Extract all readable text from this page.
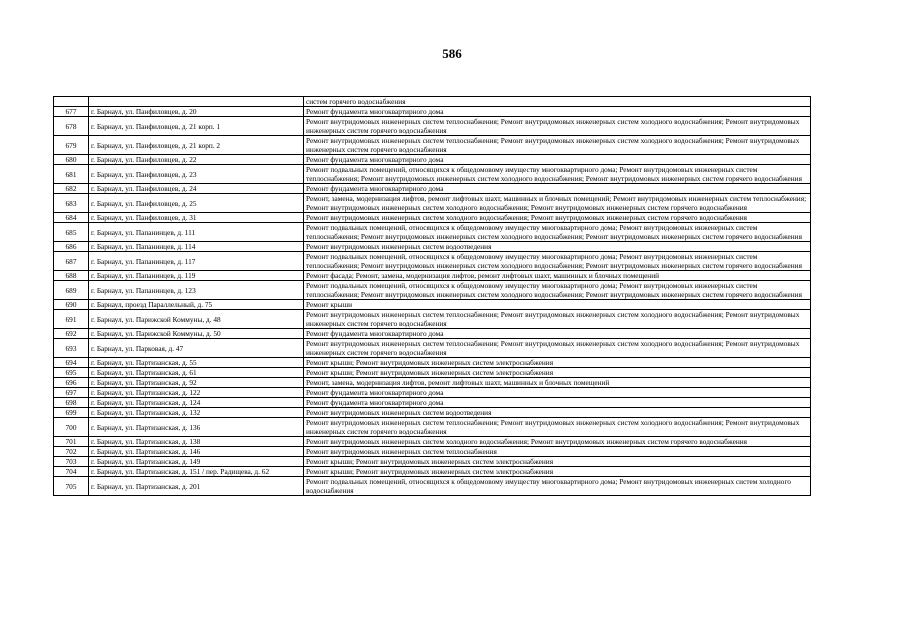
586
		систем горячего водоснабжения
677	г. Барнаул, ул. Панфиловцев, д. 20	Ремонт фундамента многоквартирного дома
678	г. Барнаул, ул. Панфиловцев, д. 21 корп. 1	Ремонт внутридомовых инженерных систем теплоснабжения; Ремонт внутридомовых инженерных систем холодного водоснабжения; Ремонт внутридомовых инженерных систем горячего водоснабжения
679	г. Барнаул, ул. Панфиловцев, д. 21 корп. 2	Ремонт внутридомовых инженерных систем теплоснабжения; Ремонт внутридомовых инженерных систем холодного водоснабжения; Ремонт внутридомовых инженерных систем горячего водоснабжения
680	г. Барнаул, ул. Панфиловцев, д. 22	Ремонт фундамента многоквартирного дома
681	г. Барнаул, ул. Панфиловцев, д. 23	Ремонт подвальных помещений, относящихся к общедомовому имуществу многоквартирного дома; Ремонт внутридомовых инженерных систем теплоснабжения; Ремонт внутридомовых инженерных систем холодного водоснабжения; Ремонт внутридомовых инженерных систем горячего водоснабжения
682	г. Барнаул, ул. Панфиловцев, д. 24	Ремонт фундамента многоквартирного дома
683	г. Барнаул, ул. Панфиловцев, д. 25	Ремонт, замена, модернизация лифтов, ремонт лифтовых шахт, машинных и блочных помещений; Ремонт внутридомовых инженерных систем теплоснабжения; Ремонт внутридомовых инженерных систем холодного водоснабжения; Ремонт внутридомовых инженерных систем горячего водоснабжения
684	г. Барнаул, ул. Панфиловцев, д. 31	Ремонт внутридомовых инженерных систем холодного водоснабжения; Ремонт внутридомовых инженерных систем горячего водоснабжения
685	г. Барнаул, ул. Папанинцев, д. 111	Ремонт подвальных помещений, относящихся к общедомовому имуществу многоквартирного дома; Ремонт внутридомовых инженерных систем теплоснабжения; Ремонт внутридомовых инженерных систем холодного водоснабжения; Ремонт внутридомовых инженерных систем горячего водоснабжения
686	г. Барнаул, ул. Папанинцев, д. 114	Ремонт внутридомовых инженерных систем водоотведения
687	г. Барнаул, ул. Папанинцев, д. 117	Ремонт подвальных помещений, относящихся к общедомовому имуществу многоквартирного дома; Ремонт внутридомовых инженерных систем теплоснабжения; Ремонт внутридомовых инженерных систем холодного водоснабжения; Ремонт внутридомовых инженерных систем горячего водоснабжения
688	г. Барнаул, ул. Папанинцев, д. 119	Ремонт фасада; Ремонт, замена, модернизация лифтов, ремонт лифтовых шахт, машинных и блочных помещений
689	г. Барнаул, ул. Папанинцев, д. 123	Ремонт подвальных помещений, относящихся к общедомовому имуществу многоквартирного дома; Ремонт внутридомовых инженерных систем теплоснабжения; Ремонт внутридомовых инженерных систем холодного водоснабжения; Ремонт внутридомовых инженерных систем горячего водоснабжения
690	г. Барнаул, проезд Параллельный, д. 75	Ремонт крыши
691	г. Барнаул, ул. Парижской Коммуны, д. 48	Ремонт внутридомовых инженерных систем теплоснабжения; Ремонт внутридомовых инженерных систем холодного водоснабжения; Ремонт внутридомовых инженерных систем горячего водоснабжения
692	г. Барнаул, ул. Парижской Коммуны, д. 50	Ремонт фундамента многоквартирного дома
693	г. Барнаул, ул. Парковая, д. 47	Ремонт внутридомовых инженерных систем теплоснабжения; Ремонт внутридомовых инженерных систем холодного водоснабжения; Ремонт внутридомовых инженерных систем горячего водоснабжения
694	г. Барнаул, ул. Партизанская, д. 55	Ремонт крыши; Ремонт внутридомовых инженерных систем электроснабжения
695	г. Барнаул, ул. Партизанская, д. 61	Ремонт крыши; Ремонт внутридомовых инженерных систем электроснабжения
696	г. Барнаул, ул. Партизанская, д. 92	Ремонт, замена, модернизация лифтов, ремонт лифтовых шахт, машинных и блочных помещений
697	г. Барнаул, ул. Партизанская, д. 122	Ремонт фундамента многоквартирного дома
698	г. Барнаул, ул. Партизанская, д. 124	Ремонт фундамента многоквартирного дома
699	г. Барнаул, ул. Партизанская, д. 132	Ремонт внутридомовых инженерных систем водоотведения
700	г. Барнаул, ул. Партизанская, д. 136	Ремонт внутридомовых инженерных систем теплоснабжения; Ремонт внутридомовых инженерных систем холодного водоснабжения; Ремонт внутридомовых инженерных систем горячего водоснабжения
701	г. Барнаул, ул. Партизанская, д. 138	Ремонт внутридомовых инженерных систем холодного водоснабжения; Ремонт внутридомовых инженерных систем горячего водоснабжения
702	г. Барнаул, ул. Партизанская, д. 146	Ремонт внутридомовых инженерных систем теплоснабжения
703	г. Барнаул, ул. Партизанская, д. 149	Ремонт крыши; Ремонт внутридомовых инженерных систем электроснабжения
704	г. Барнаул, ул. Партизанская, д. 151 / пер. Радищева, д. 62	Ремонт крыши; Ремонт внутридомовых инженерных систем электроснабжения
705	г. Барнаул, ул. Партизанская, д. 201	Ремонт подвальных помещений, относящихся к общедомовому имуществу многоквартирного дома; Ремонт внутридомовых инженерных систем холодного водоснабжения
